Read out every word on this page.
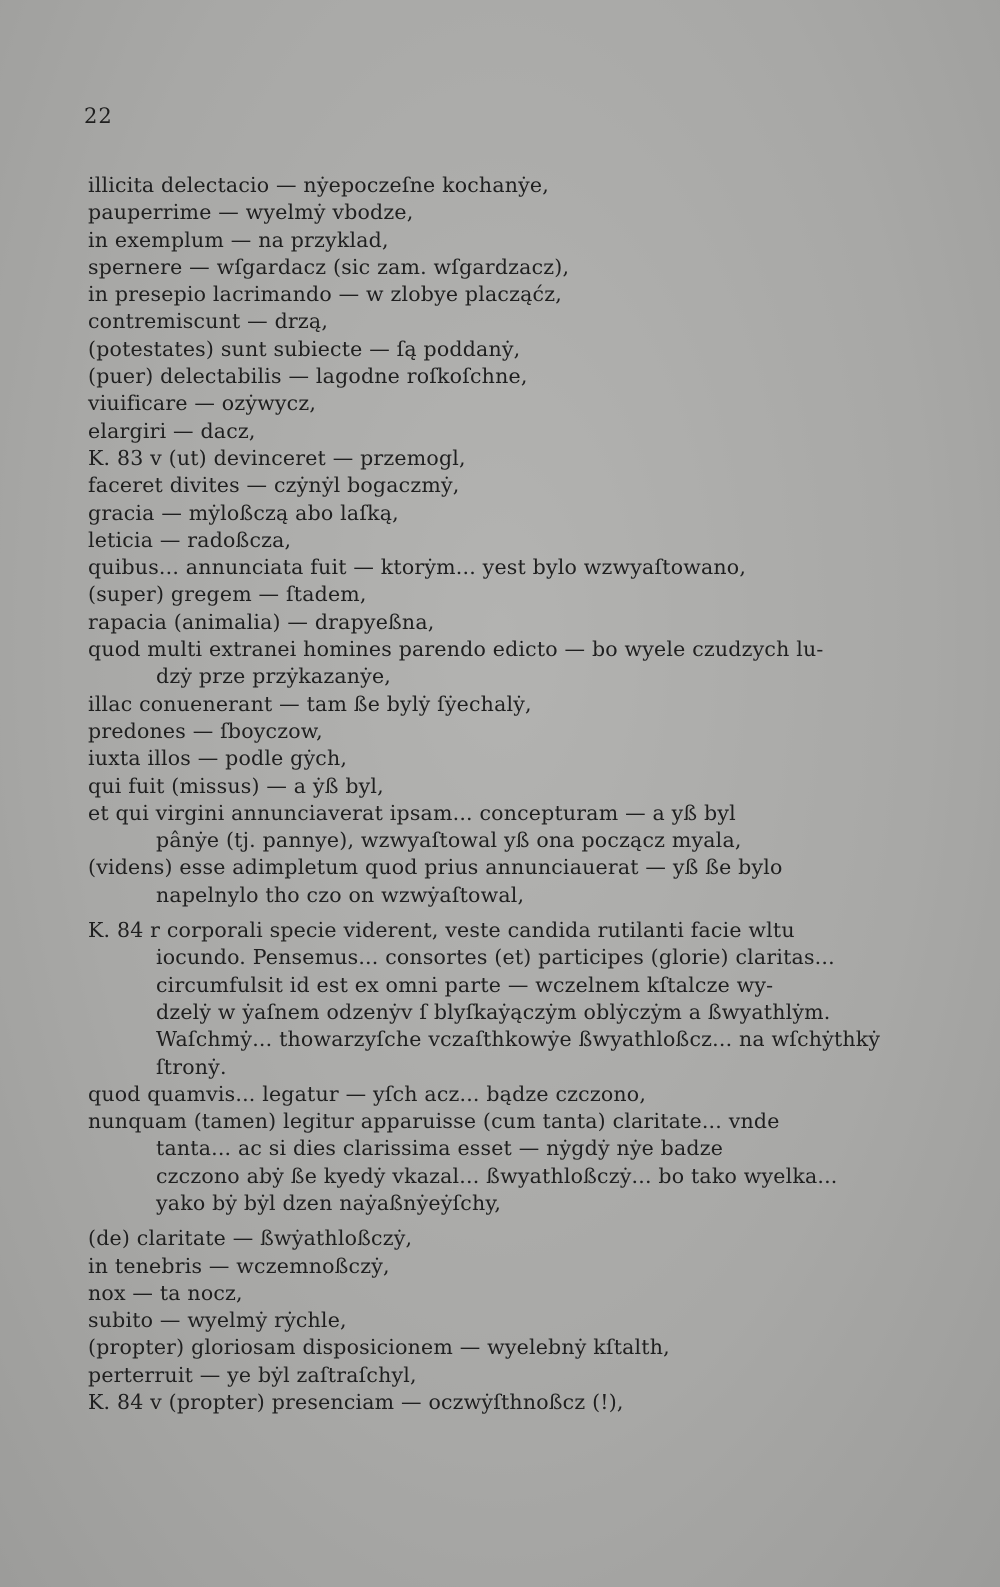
22
illicita delectacio — nẏepoczeſne kochanẏe,
pauperrime — wyelmẏ vbodze,
in exemplum — na przyklad,
spernere — wſgardacz (sic zam. wſgardzacz),
in presepio lacrimando — w zlobye placząćz,
contremiscunt — drzą,
(potestates) sunt subiecte — ſą poddanẏ,
(puer) delectabilis — lagodne roſkoſchne,
viuificare — ozẏwycz,
elargiri — dacz,
K. 83 v (ut) devinceret — przemogl,
faceret divites — czẏnẏl bogaczmẏ,
gracia — mẏloßczą abo laſką,
leticia — radoßcza,
quibus... annunciata fuit — ktorẏm... yest bylo wzwyaſtowano,
(super) gregem — ſtadem,
rapacia (animalia) — drapyeßna,
quod multi extranei homines parendo edicto — bo wyele czudzych lu-
dzẏ prze przẏkazanẏe,
illac conuenerant — tam ße bylẏ ſẏechalẏ,
predones — ſboyczow,
iuxta illos — podle gẏch,
qui fuit (missus) — a ẏß byl,
et qui virgini annunciaverat ipsam... concepturam — a yß byl
pânẏe (tj. pannye), wzwyaſtowal yß ona począcz myala,
(videns) esse adimpletum quod prius annunciauerat — yß ße bylo
napelnylo tho czo on wzwẏaſtowal,
K. 84 r corporali specie viderent, veste candida rutilanti facie wltu
iocundo. Pensemus... consortes (et) participes (glorie) claritas...
circumfulsit id est ex omni parte — wczelnem kſtalcze wy-
dzelẏ w ẏaſnem odzenẏv ſ blyſkaẏączẏm oblẏczẏm a ßwyathlẏm.
Waſchmẏ... thowarzyſche vczaſthkowẏe ßwyathloßcz... na wſchẏthkẏ
ſtronẏ.
quod quamvis... legatur — yſch acz... bądze czczono,
nunquam (tamen) legitur apparuisse (cum tanta) claritate... vnde
tanta... ac si dies clarissima esset — nẏgdẏ nẏe badze
czczono abẏ ße kyedẏ vkazal... ßwyathloßczẏ... bo tako wyelka...
yako bẏ bẏl dzen naẏaßnẏeẏſchy,
(de) claritate — ßwẏathloßczẏ,
in tenebris — wczemnoßczẏ,
nox — ta nocz,
subito — wyelmẏ rẏchle,
(propter) gloriosam disposicionem — wyelebnẏ kſtalth,
perterruit — ye bẏl zaſtraſchyl,
K. 84 v (propter) presenciam — oczwẏſthnoßcz (!),
